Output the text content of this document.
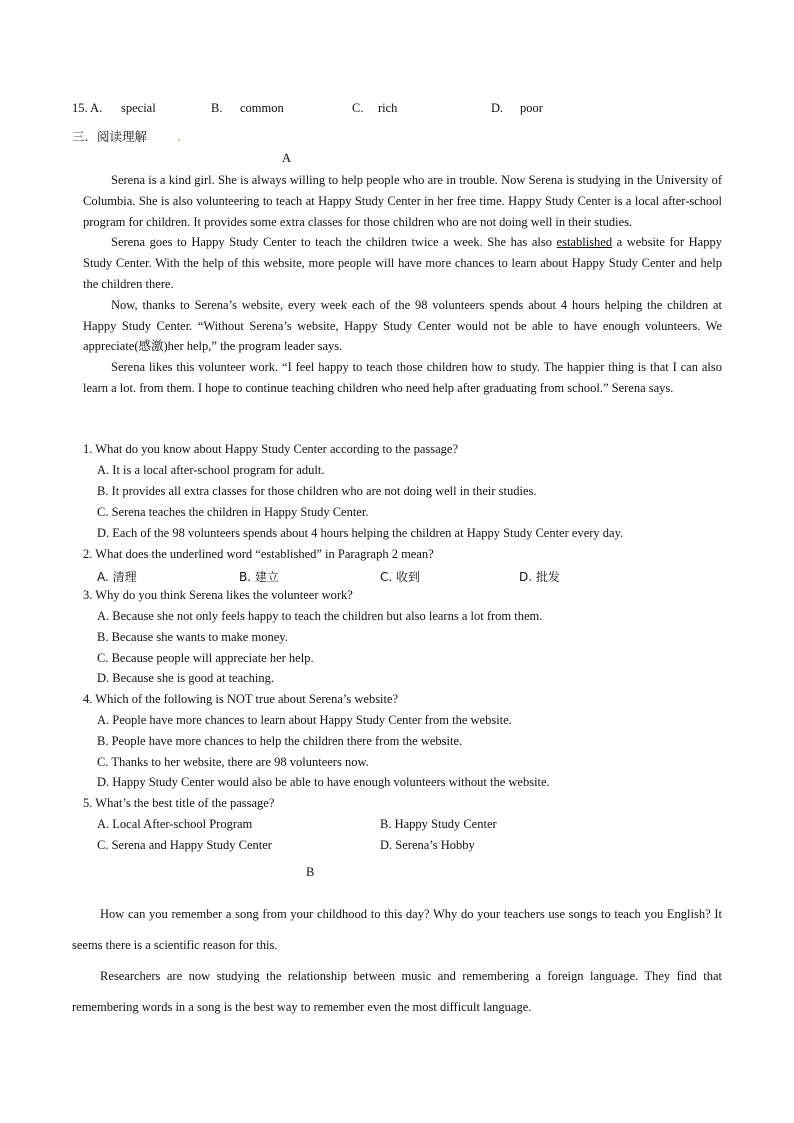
15. A. special	B. common	C. rich	D. poor
三．阅读理解 .
A

Serena is a kind girl. She is always willing to help people who are in trouble. Now Serena is studying in the University of Columbia. She is also volunteering to teach at Happy Study Center in her free time. Happy Study Center is a local after-school program for children. It provides some extra classes for those children who are not doing well in their studies.

Serena goes to Happy Study Center to teach the children twice a week. She has also established a website for Happy Study Center. With the help of this website, more people will have more chances to learn about Happy Study Center and help the children there.

Now, thanks to Serena’s website, every week each of the 98 volunteers spends about 4 hours helping the children at Happy Study Center. “Without Serena’s website, Happy Study Center would not be able to have enough volunteers. We appreciate(感激)her help,” the program leader says.

Serena likes this volunteer work. “I feel happy to teach those children how to study. The happier thing is that I can also learn a lot. from them. I hope to continue teaching children who need help after graduating from school.” Serena says.

1. What do you know about Happy Study Center according to the passage?
A. It is a local after-school program for adult.
B. It provides all extra classes for those children who are not doing well in their studies.
C. Serena teaches the children in Happy Study Center.
D. Each of the 98 volunteers spends about 4 hours helping the children at Happy Study Center every day.
2. What does the underlined word “established” in Paragraph 2 mean?
A. 清理	B. 建立	C. 收到	D. 批发
3. Why do you think Serena likes the volunteer work?
A. Because she not only feels happy to teach the children but also learns a lot from them.
B. Because she wants to make money.
C. Because people will appreciate her help.
D. Because she is good at teaching.
4. Which of the following is NOT true about Serena’s website?
A. People have more chances to learn about Happy Study Center from the website.
B. People have more chances to help the children there from the website.
C. Thanks to her website, there are 98 volunteers now.
D. Happy Study Center would also be able to have enough volunteers without the website.
5. What’s the best title of the passage?
A. Local After-school Program	B. Happy Study Center
C. Serena and Happy Study Center	D. Serena’s Hobby
B

How can you remember a song from your childhood to this day? Why do your teachers use songs to teach you English? It seems there is a scientific reason for this.

Researchers are now studying the relationship between music and remembering a foreign language. They find that remembering words in a song is the best way to remember even the most difficult language.
